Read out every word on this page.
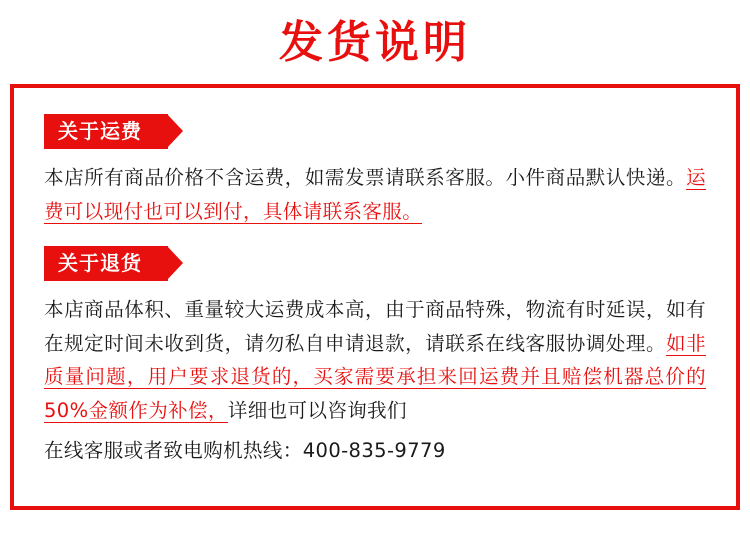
发货说明
关于运费
本店所有商品价格不含运费，如需发票请联系客服。小件商品默认快递。运费可以现付也可以到付，具体请联系客服。
关于退货
本店商品体积、重量较大运费成本高，由于商品特殊，物流有时延误，如有在规定时间未收到货，请勿私自申请退款，请联系在线客服协调处理。如非质量问题，用户要求退货的，买家需要承担来回运费并且赔偿机器总价的50%金额作为补偿，详细也可以咨询我们
在线客服或者致电购机热线：400-835-9779
